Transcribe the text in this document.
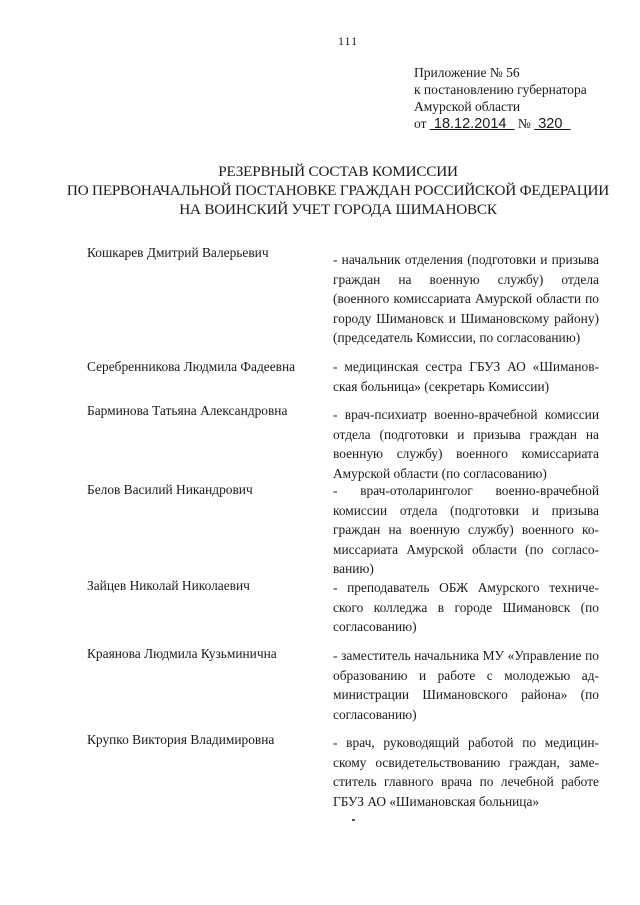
111
Приложение № 56
к постановлению губернатора
Амурской области
от 18.12.2014 № 320
РЕЗЕРВНЫЙ СОСТАВ КОМИССИИ
ПО ПЕРВОНАЧАЛЬНОЙ ПОСТАНОВКЕ ГРАЖДАН РОССИЙСКОЙ ФЕДЕРАЦИИ
НА ВОИНСКИЙ УЧЕТ ГОРОДА ШИМАНОВСК
Кошкарев Дмитрий Валерьевич	- начальник отделения (подготовки и призыва граждан на военную службу) отдела (военного комиссариата Амурской области по городу Шимановск и Шимановскому району) (председатель Комиссии, по согласованию)
Серебренникова Людмила Фадеевна	- медицинская сестра ГБУЗ АО «Шимановская больница» (секретарь Комиссии)
Барминова Татьяна Александровна	- врач-психиатр военно-врачебной комиссии отдела (подготовки и призыва граждан на военную службу) военного комиссариата Амурской области (по согласованию)
Белов Василий Никандрович	- врач-отоларинголог военно-врачебной комиссии отдела (подготовки и призыва граждан на военную службу) военного комиссариата Амурской области (по согласованию)
Зайцев Николай Николаевич	- преподаватель ОБЖ Амурского технического колледжа в городе Шимановск (по согласованию)
Краянова Людмила Кузьминична	- заместитель начальника МУ «Управление по образованию и работе с молодежью администрации Шимановского района» (по согласованию)
Крупко Виктория Владимировна	- врач, руководящий работой по медицинскому освидетельствованию граждан, заместитель главного врача по лечебной работе ГБУЗ АО «Шимановская больница»
